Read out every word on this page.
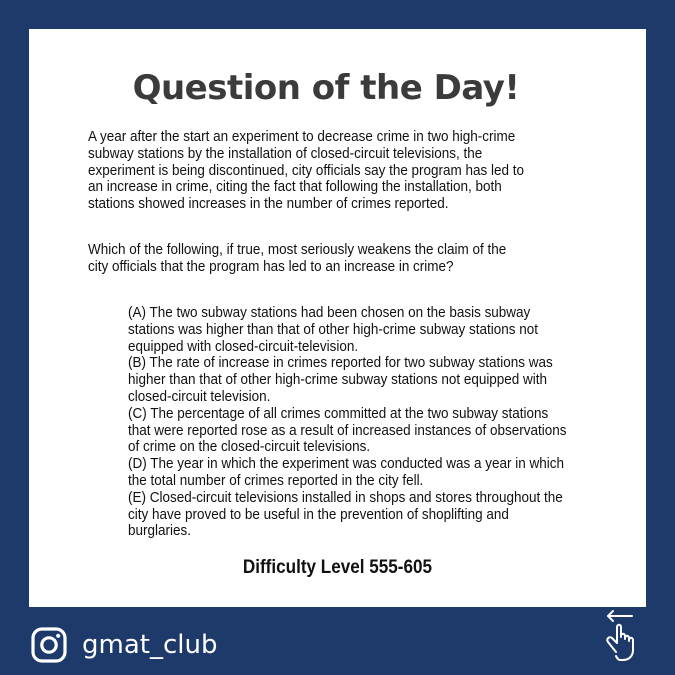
Question of the Day!
A year after the start an experiment to decrease crime in two high-crime
subway stations by the installation of closed-circuit televisions, the
experiment is being discontinued, city officials say the program has led to
an increase in crime, citing the fact that following the installation, both
stations showed increases in the number of crimes reported.
Which of the following, if true, most seriously weakens the claim of the
city officials that the program has led to an increase in crime?
(A) The two subway stations had been chosen on the basis subway
stations was higher than that of other high-crime subway stations not
equipped with closed-circuit-television.
(B) The rate of increase in crimes reported for two subway stations was
higher than that of other high-crime subway stations not equipped with
closed-circuit television.
(C) The percentage of all crimes committed at the two subway stations
that were reported rose as a result of increased instances of observations
of crime on the closed-circuit televisions.
(D) The year in which the experiment was conducted was a year in which
the total number of crimes reported in the city fell.
(E) Closed-circuit televisions installed in shops and stores throughout the
city have proved to be useful in the prevention of shoplifting and
burglaries.
Difficulty Level 555-605
gmat_club
